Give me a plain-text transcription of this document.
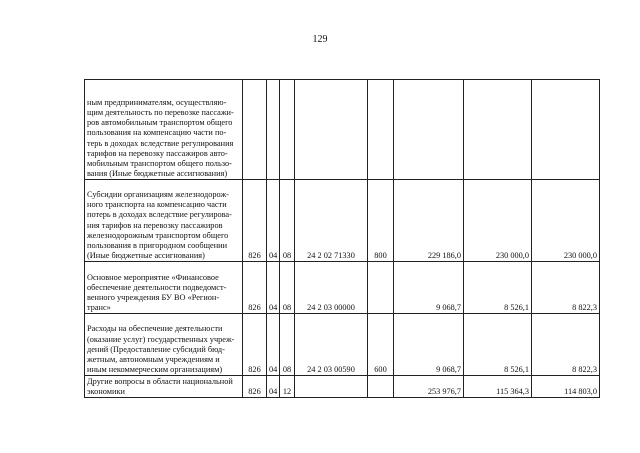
129
ным предпринимателям, осуществляю-щим деятельность по перевозке пассажи-ров автомобильным транспортом общего пользования на компенсацию части по-терь в доходах вследствие регулирования тарифов на перевозку пассажиров авто-мобильным транспортом общего пользо-вания (Иные бюджетные ассигнования)								
Субсидии организациям железнодорож-ного транспорта на компенсацию части потерь в доходах вследствие регулирова-ния тарифов на перевозку пассажиров железнодорожным транспортом общего пользования в пригородном сообщении (Иные бюджетные ассигнования)	826	04	08	24 2 02 71330	800	229 186,0	230 000,0	230 000,0
Основное мероприятие «Финансовое обеспечение деятельности подведомст-венного учреждения БУ ВО «Регион-транс»	826	04	08	24 2 03 00000		9 068,7	8 526,1	8 822,3
Расходы на обеспечение деятельности (оказание услуг) государственных учреж-дений (Предоставление субсидий бюд-жетным, автономным учреждениям и иным некоммерческим организациям)	826	04	08	24 2 03 00590	600	9 068,7	8 526,1	8 822,3
Другие вопросы в области национальной экономики	826	04	12			253 976,7	115 364,3	114 803,0
